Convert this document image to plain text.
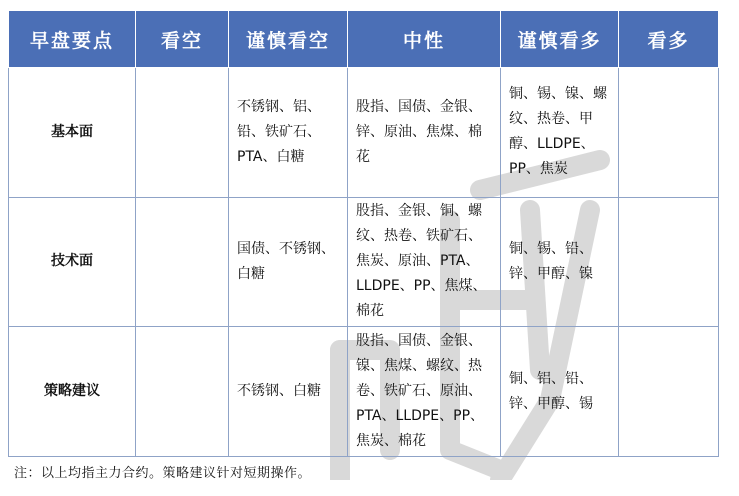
早盘要点	看空	谨慎看空	中性	谨慎看多	看多
基本面		不锈钢、铝、铅、铁矿石、PTA、白糖	股指、国债、金银、锌、原油、焦煤、棉花	铜、锡、镍、螺纹、热卷、甲醇、LLDPE、PP、焦炭	
技术面		国债、不锈钢、白糖	股指、金银、铜、螺纹、热卷、铁矿石、焦炭、原油、PTA、LLDPE、PP、焦煤、棉花	铜、锡、铅、锌、甲醇、镍	
策略建议		不锈钢、白糖	股指、国债、金银、镍、焦煤、螺纹、热卷、铁矿石、原油、PTA、LLDPE、PP、焦炭、棉花	铜、铝、铅、锌、甲醇、锡	
注：以上均指主力合约。策略建议针对短期操作。
